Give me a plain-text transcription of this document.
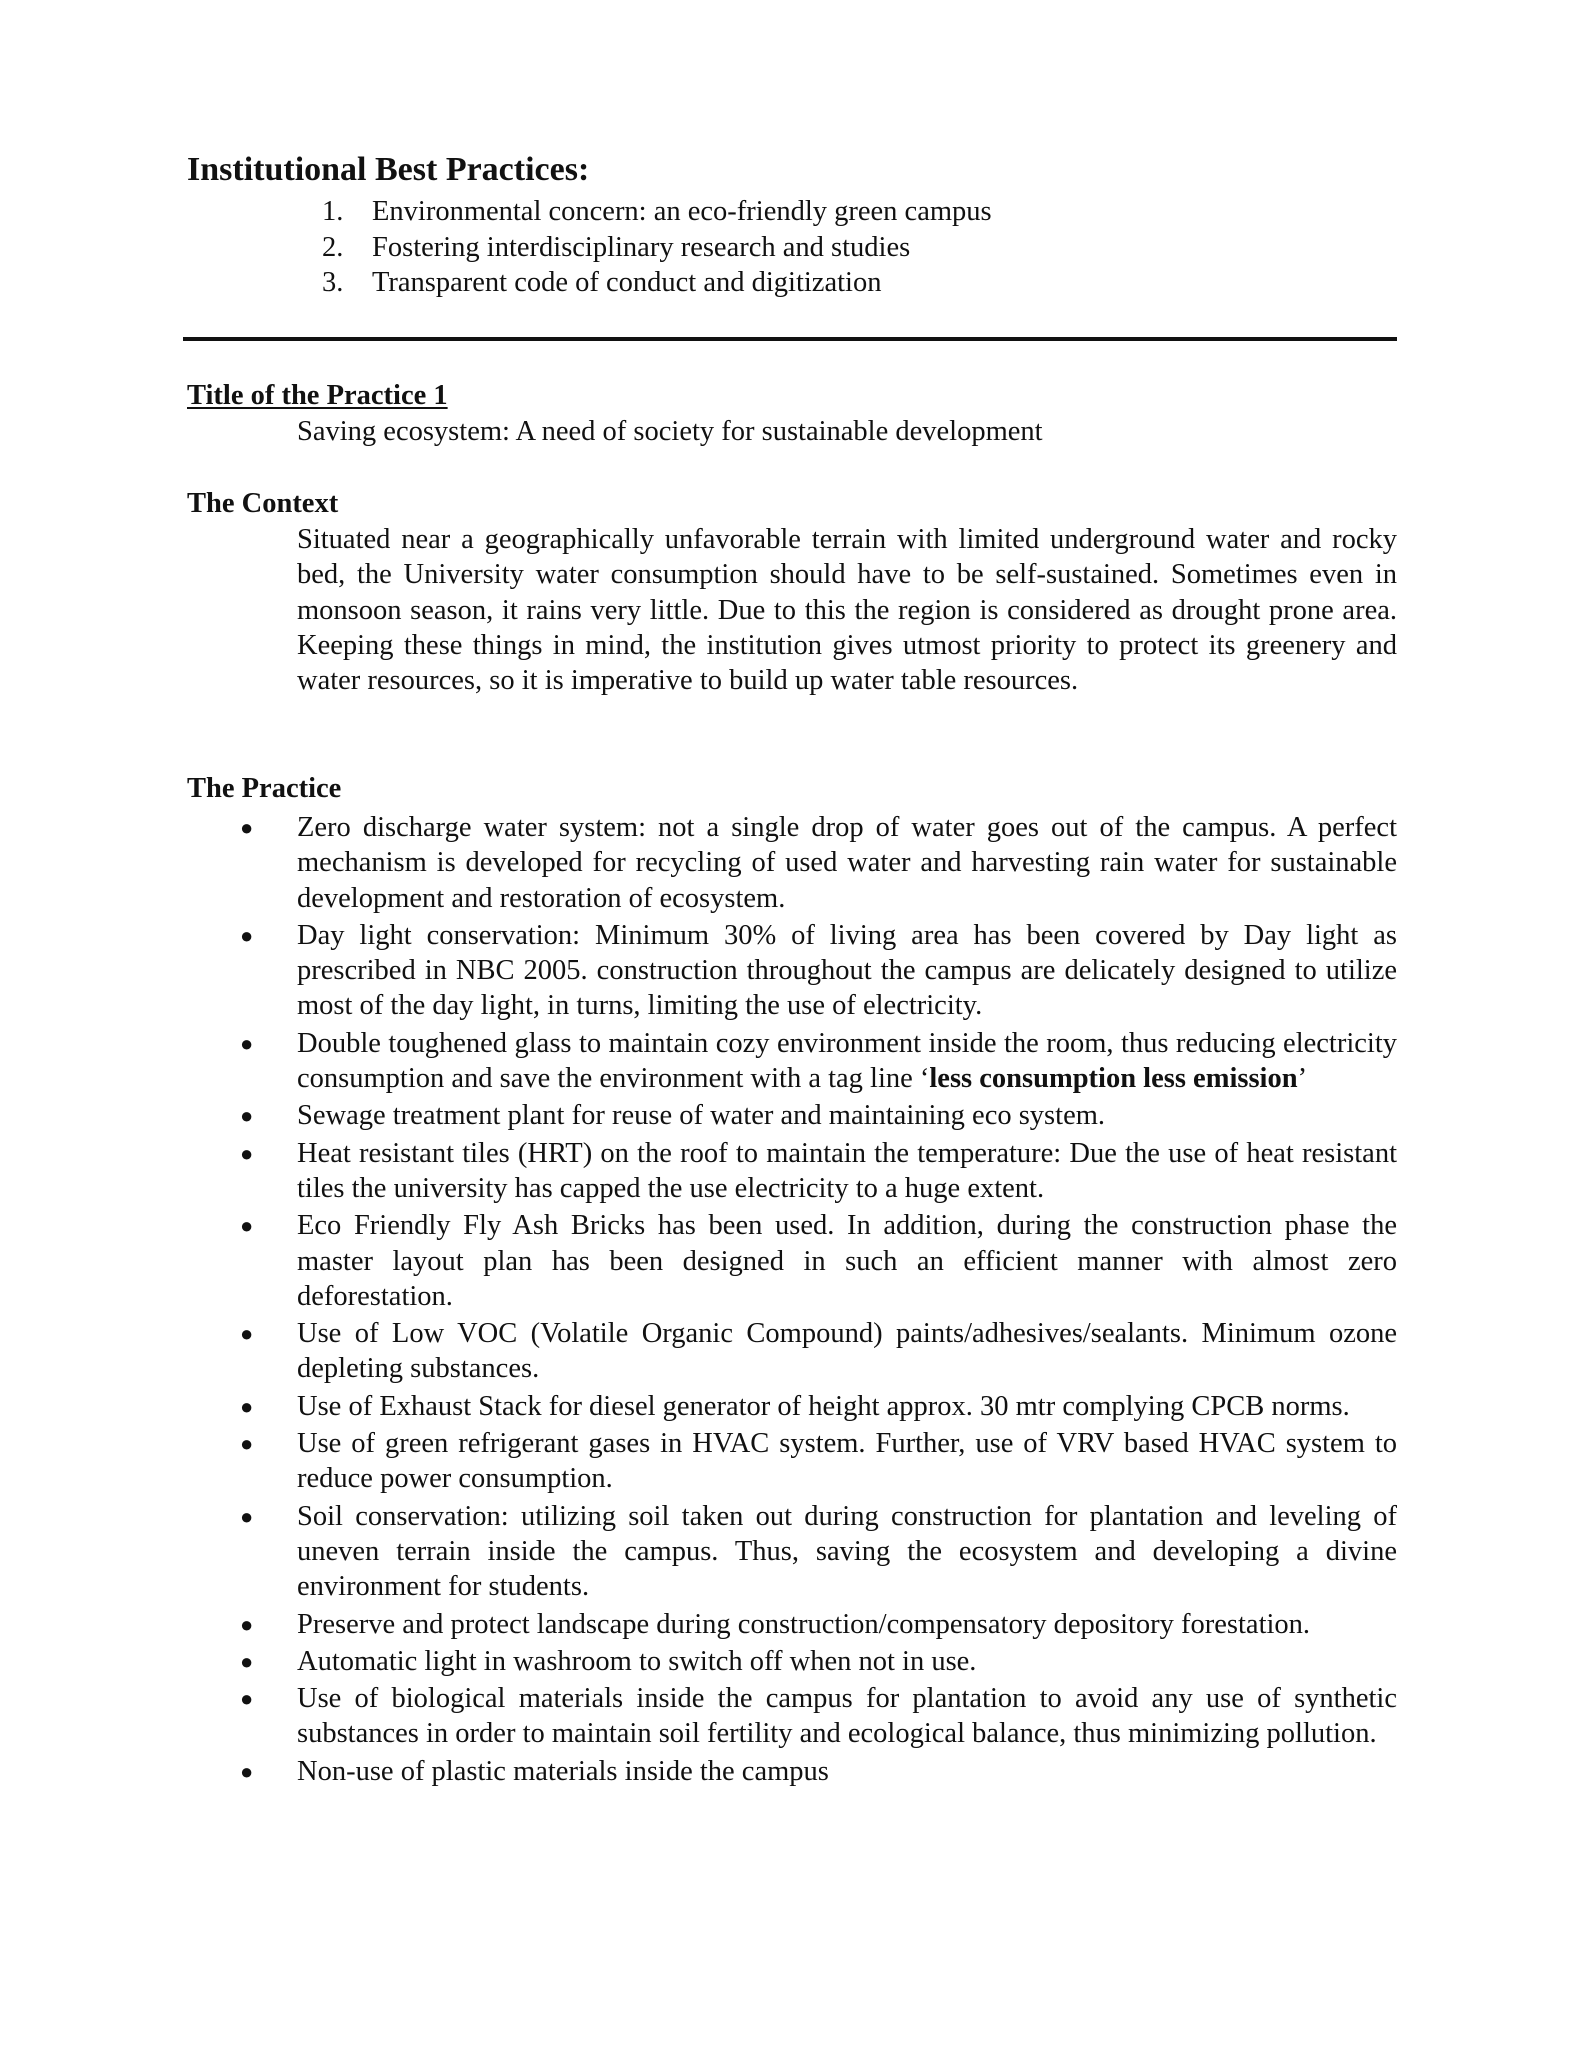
Institutional Best Practices:
1.	Environmental concern: an eco-friendly green campus
2.	Fostering interdisciplinary research and studies
3.	Transparent code of conduct and digitization
Title of the Practice 1

Saving ecosystem: A need of society for sustainable development

The Context

Situated near a geographically unfavorable terrain with limited underground water and rocky bed, the University water consumption should have to be self-sustained. Sometimes even in monsoon season, it rains very little. Due to this the region is considered as drought prone area. Keeping these things in mind, the institution gives utmost priority to protect its greenery and water resources, so it is imperative to build up water table resources.

The Practice
●	Zero discharge water system: not a single drop of water goes out of the campus. A perfect mechanism is developed for recycling of used water and harvesting rain water for sustainable development and restoration of ecosystem.
●	Day light conservation: Minimum 30% of living area has been covered by Day light as prescribed in NBC 2005. construction throughout the campus are delicately designed to utilize most of the day light, in turns, limiting the use of electricity.
●	Double toughened glass to maintain cozy environment inside the room, thus reducing electricity consumption and save the environment with a tag line ‘less consumption less emission’
●	Sewage treatment plant for reuse of water and maintaining eco system.
●	Heat resistant tiles (HRT) on the roof to maintain the temperature: Due the use of heat resistant tiles the university has capped the use electricity to a huge extent.
●	Eco Friendly Fly Ash Bricks has been used. In addition, during the construction phase the master layout plan has been designed in such an efficient manner with almost zero deforestation.
●	Use of Low VOC (Volatile Organic Compound) paints/adhesives/sealants. Minimum ozone depleting substances.
●	Use of Exhaust Stack for diesel generator of height approx. 30 mtr complying CPCB norms.
●	Use of green refrigerant gases in HVAC system. Further, use of VRV based HVAC system to reduce power consumption.
●	Soil conservation: utilizing soil taken out during construction for plantation and leveling of uneven terrain inside the campus. Thus, saving the ecosystem and developing a divine environment for students.
●	Preserve and protect landscape during construction/compensatory depository forestation.
●	Automatic light in washroom to switch off when not in use.
●	Use of biological materials inside the campus for plantation to avoid any use of synthetic substances in order to maintain soil fertility and ecological balance, thus minimizing pollution.
●	Non-use of plastic materials inside the campus
